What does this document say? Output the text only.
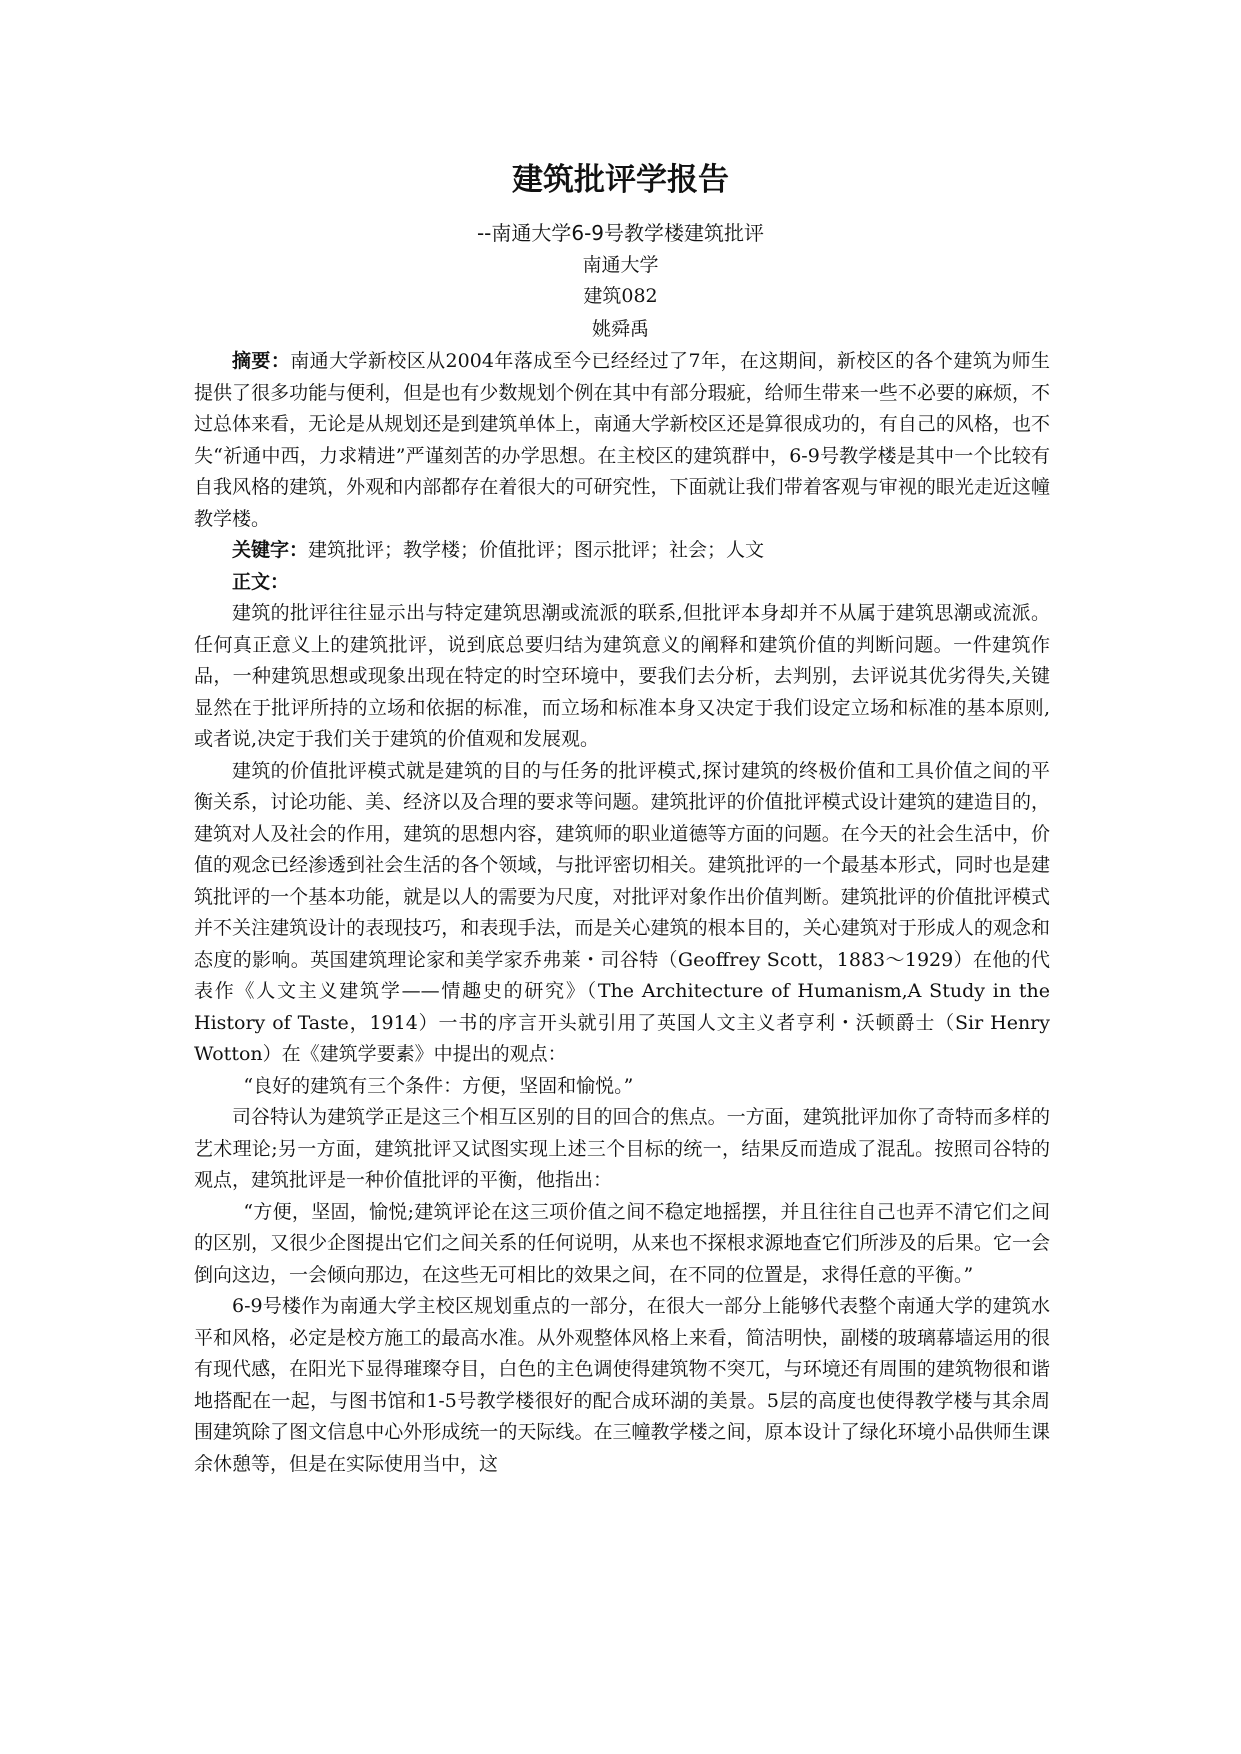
建筑批评学报告
--南通大学6-9号教学楼建筑批评
南通大学
建筑082
姚舜禹

摘要：南通大学新校区从2004年落成至今已经经过了7年，在这期间，新校区的各个建筑为师生提供了很多功能与便利，但是也有少数规划个例在其中有部分瑕疵，给师生带来一些不必要的麻烦，不过总体来看，无论是从规划还是到建筑单体上，南通大学新校区还是算很成功的，有自己的风格，也不失“祈通中西，力求精进”严谨刻苦的办学思想。在主校区的建筑群中，6-9号教学楼是其中一个比较有自我风格的建筑，外观和内部都存在着很大的可研究性，下面就让我们带着客观与审视的眼光走近这幢教学楼。

关键字：建筑批评；教学楼；价值批评；图示批评；社会；人文

正文：

建筑的批评往往显示出与特定建筑思潮或流派的联系,但批评本身却并不从属于建筑思潮或流派。任何真正意义上的建筑批评，说到底总要归结为建筑意义的阐释和建筑价值的判断问题。一件建筑作品，一种建筑思想或现象出现在特定的时空环境中，要我们去分析，去判别，去评说其优劣得失,关键显然在于批评所持的立场和依据的标准，而立场和标准本身又决定于我们设定立场和标准的基本原则,或者说,决定于我们关于建筑的价值观和发展观。

建筑的价值批评模式就是建筑的目的与任务的批评模式,探讨建筑的终极价值和工具价值之间的平衡关系，讨论功能、美、经济以及合理的要求等问题。建筑批评的价值批评模式设计建筑的建造目的，建筑对人及社会的作用，建筑的思想内容，建筑师的职业道德等方面的问题。在今天的社会生活中，价值的观念已经渗透到社会生活的各个领域，与批评密切相关。建筑批评的一个最基本形式，同时也是建筑批评的一个基本功能，就是以人的需要为尺度，对批评对象作出价值判断。建筑批评的价值批评模式并不关注建筑设计的表现技巧，和表现手法，而是关心建筑的根本目的，关心建筑对于形成人的观念和态度的影响。英国建筑理论家和美学家乔弗莱・司谷特（Geoffrey Scott，1883～1929）在他的代表作《人文主义建筑学——情趣史的研究》（The Architecture of Humanism,A Study in the History of Taste，1914）一书的序言开头就引用了英国人文主义者亨利・沃顿爵士（Sir Henry Wotton）在《建筑学要素》中提出的观点：

“良好的建筑有三个条件：方便，坚固和愉悦。”

司谷特认为建筑学正是这三个相互区别的目的回合的焦点。一方面，建筑批评加你了奇特而多样的艺术理论;另一方面，建筑批评又试图实现上述三个目标的统一，结果反而造成了混乱。按照司谷特的观点，建筑批评是一种价值批评的平衡，他指出：

“方便，坚固，愉悦;建筑评论在这三项价值之间不稳定地摇摆，并且往往自己也弄不清它们之间的区别，又很少企图提出它们之间关系的任何说明，从来也不探根求源地查它们所涉及的后果。它一会倒向这边，一会倾向那边，在这些无可相比的效果之间，在不同的位置是，求得任意的平衡。”

6-9号楼作为南通大学主校区规划重点的一部分，在很大一部分上能够代表整个南通大学的建筑水平和风格，必定是校方施工的最高水准。从外观整体风格上来看，简洁明快，副楼的玻璃幕墙运用的很有现代感，在阳光下显得璀璨夺目，白色的主色调使得建筑物不突兀，与环境还有周围的建筑物很和谐地搭配在一起，与图书馆和1-5号教学楼很好的配合成环湖的美景。5层的高度也使得教学楼与其余周围建筑除了图文信息中心外形成统一的天际线。在三幢教学楼之间，原本设计了绿化环境小品供师生课余休憩等，但是在实际使用当中，这
